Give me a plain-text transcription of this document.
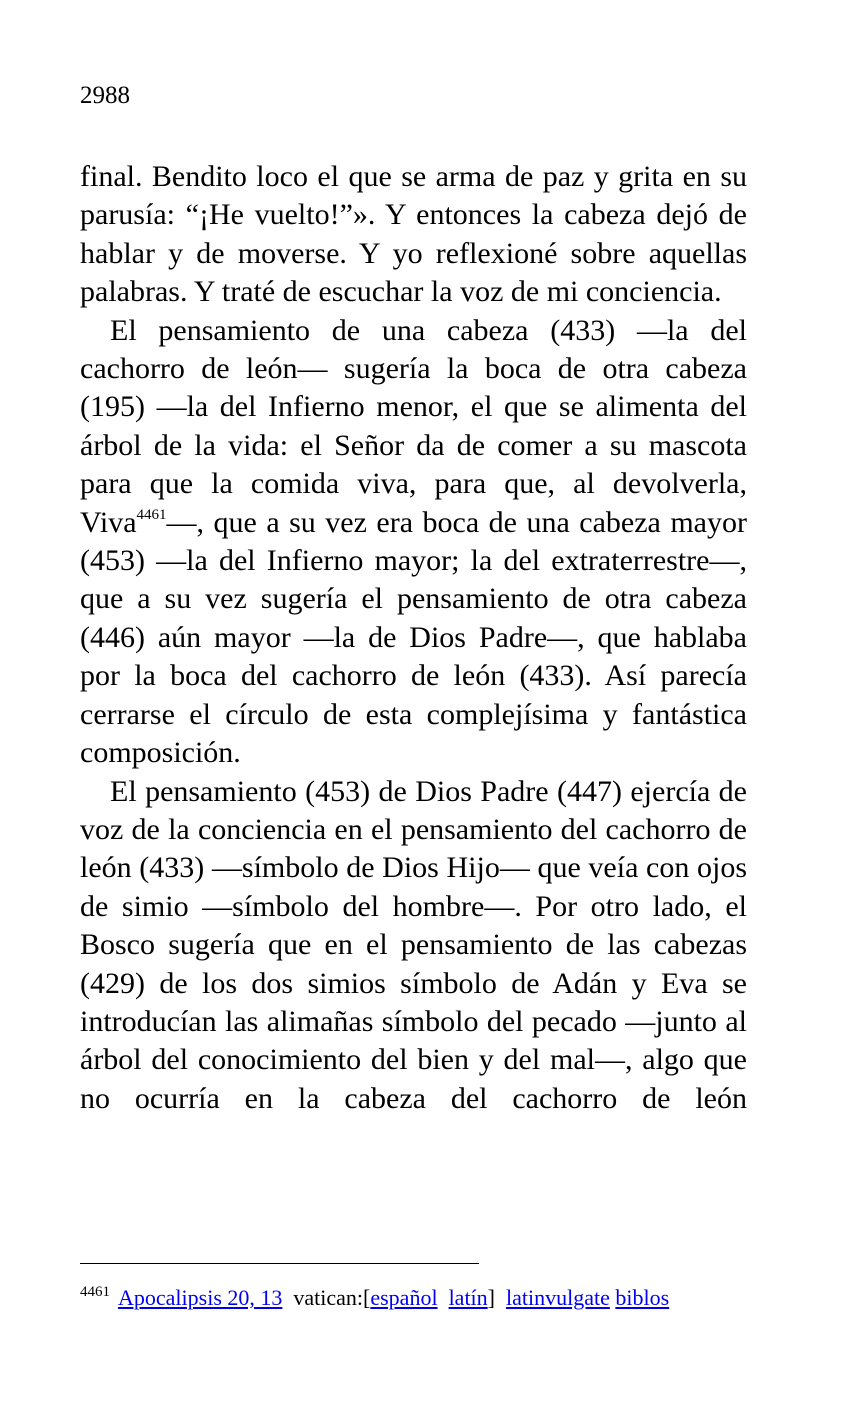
2988

final. Bendito loco el que se arma de paz y grita en su parusía: “¡He vuelto!”». Y entonces la cabeza dejó de hablar y de moverse. Y yo reflexioné sobre aquellas palabras. Y traté de escuchar la voz de mi conciencia.

El pensamiento de una cabeza (433) —la del cachorro de león— sugería la boca de otra cabeza (195) —la del Infierno menor, el que se alimenta del árbol de la vida: el Señor da de comer a su mascota para que la comida viva, para que, al devolverla, Viva$^{4461}$—, que a su vez era boca de una cabeza mayor (453) —la del Infierno mayor; la del extraterrestre—, que a su vez sugería el pensamiento de otra cabeza (446) aún mayor —la de Dios Padre—, que hablaba por la boca del cachorro de león (433). Así parecía cerrarse el círculo de esta complejísima y fantástica composición.

El pensamiento (453) de Dios Padre (447) ejercía de voz de la conciencia en el pensamiento del cachorro de león (433) —símbolo de Dios Hijo— que veía con ojos de simio —símbolo del hombre—. Por otro lado, el Bosco sugería que en el pensamiento de las cabezas (429) de los dos simios símbolo de Adán y Eva se introducían las alimañas símbolo del pecado —junto al árbol del conocimiento del bien y del mal—, algo que no ocurría en la cabeza del cachorro de león

$^{4461}$ Apocalipsis 20, 13 vatican:[español latín] latinvulgate biblos
